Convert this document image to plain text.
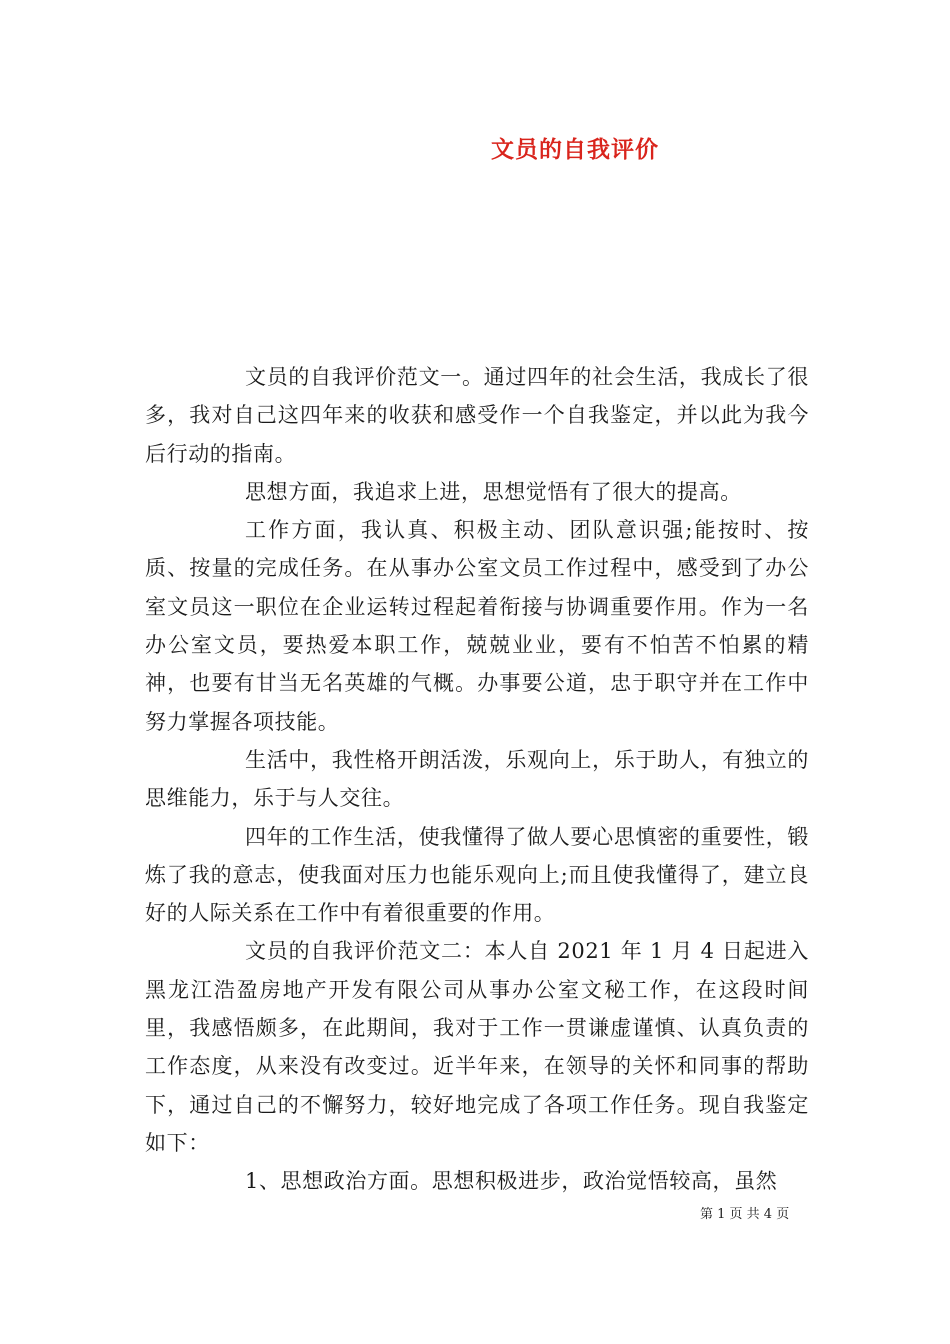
文员的自我评价

文员的自我评价范文一。通过四年的社会生活，我成长了很多，我对自己这四年来的收获和感受作一个自我鉴定，并以此为我今后行动的指南。

思想方面，我追求上进，思想觉悟有了很大的提高。

工作方面，我认真、积极主动、团队意识强;能按时、按质、按量的完成任务。在从事办公室文员工作过程中，感受到了办公室文员这一职位在企业运转过程起着衔接与协调重要作用。作为一名办公室文员，要热爱本职工作，兢兢业业，要有不怕苦不怕累的精神，也要有甘当无名英雄的气概。办事要公道，忠于职守并在工作中努力掌握各项技能。

生活中，我性格开朗活泼，乐观向上，乐于助人，有独立的思维能力，乐于与人交往。

四年的工作生活，使我懂得了做人要心思慎密的重要性，锻炼了我的意志，使我面对压力也能乐观向上;而且使我懂得了，建立良好的人际关系在工作中有着很重要的作用。

文员的自我评价范文二：本人自 2021 年 1 月 4 日起进入黑龙江浩盈房地产开发有限公司从事办公室文秘工作，在这段时间里，我感悟颇多，在此期间，我对于工作一贯谦虚谨慎、认真负责的工作态度，从来没有改变过。近半年来，在领导的关怀和同事的帮助下，通过自己的不懈努力，较好地完成了各项工作任务。现自我鉴定如下：

1、思想政治方面。思想积极进步，政治觉悟较高，虽然

第 1 页 共 4 页
